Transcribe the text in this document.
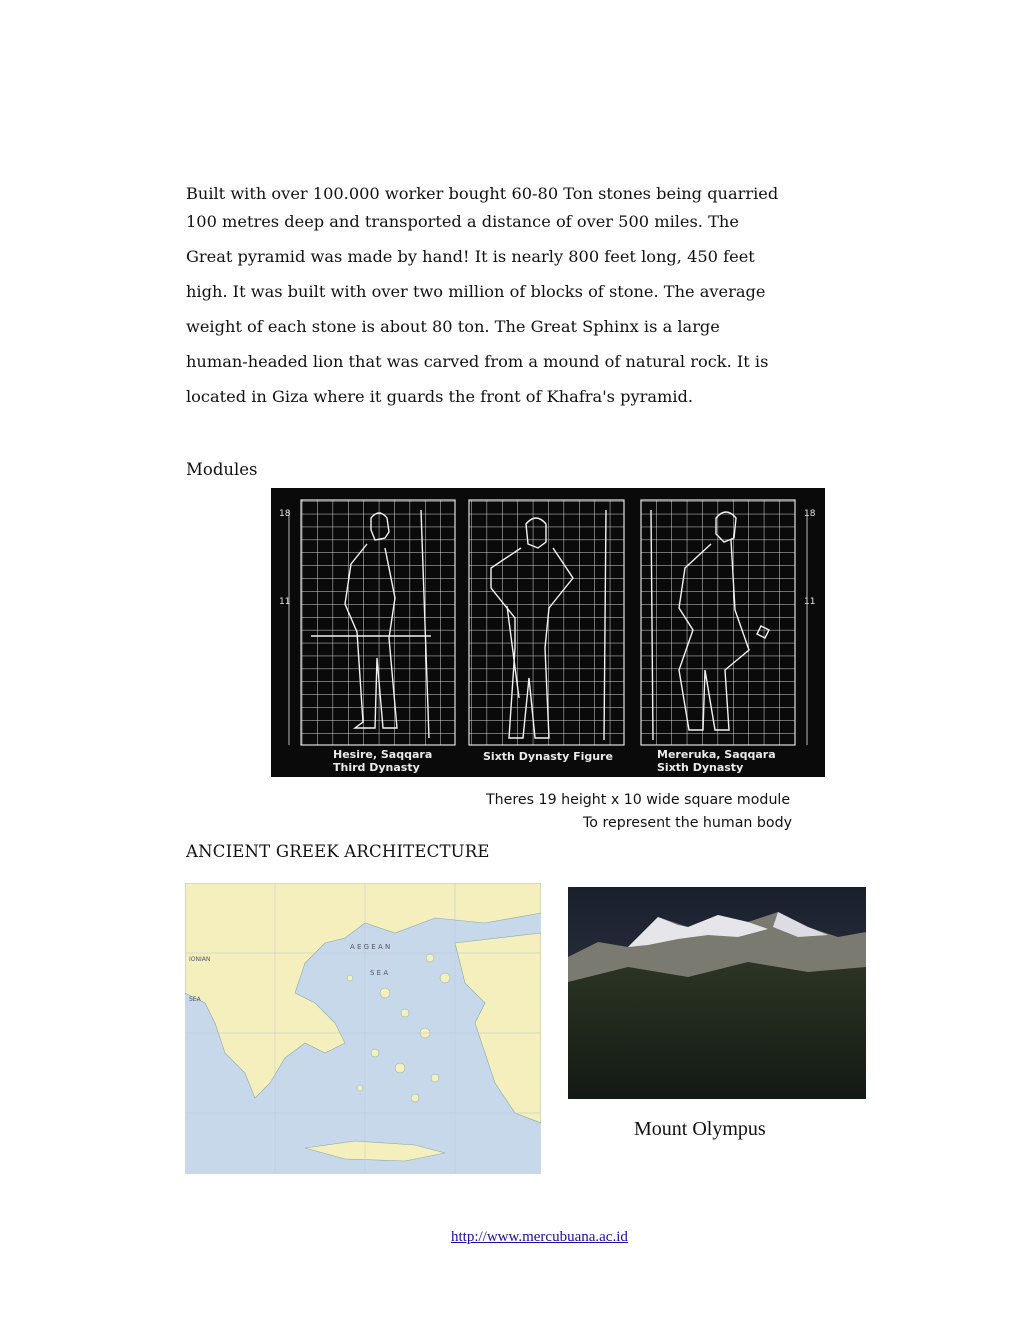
Built with over 100.000 worker bought 60-80 Ton stones being quarried
100 metres deep and transported a distance of over 500 miles. The
Great pyramid was made by hand! It is nearly 800 feet long, 450 feet
high. It was built with over two million of blocks of stone. The average
weight of each stone is about 80 ton. The Great Sphinx is a large
human-headed lion that was carved from a mound of natural rock. It is
located in Giza where it guards the front of Khafra's pyramid.
Modules
18
11
18
11
Hesire, Saqqara
Third Dynasty
Sixth Dynasty Figure	Mereruka, Saqqara
Sixth Dynasty
Theres 19 height x 10 wide square module
To represent the human body
ANCIENT GREEK ARCHITECTURE
A E G E A N
S E A
IONIAN
SEA
Mount Olympus
http://www.mercubuana.ac.id
